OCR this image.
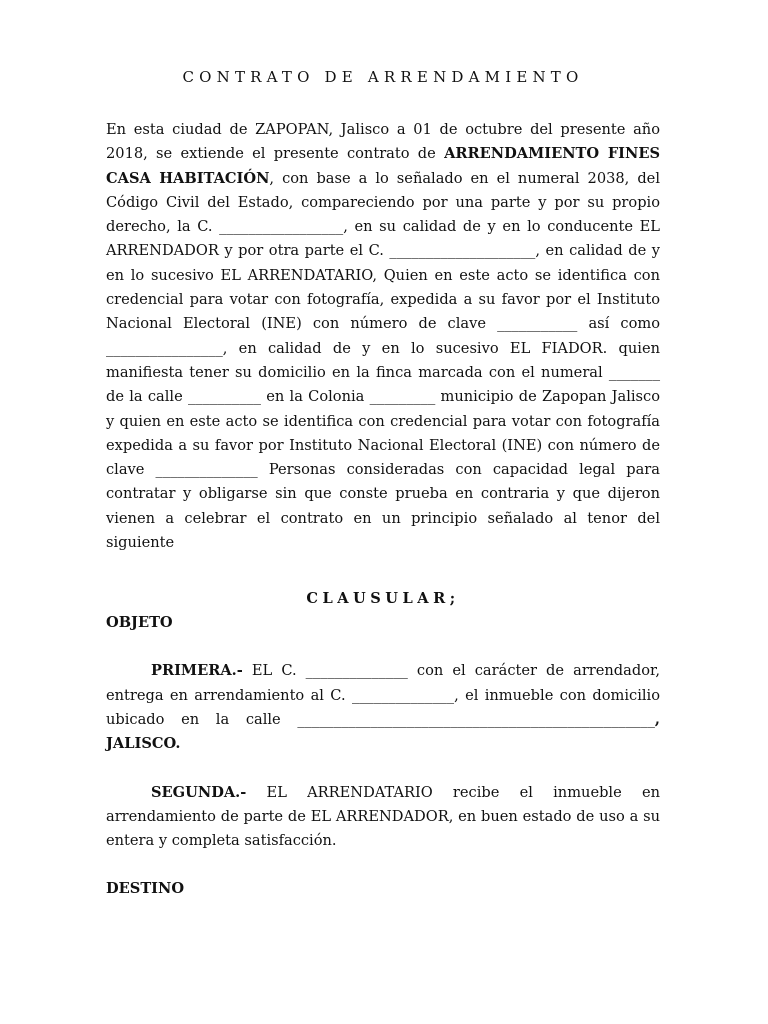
CONTRATO DE ARRENDAMIENTO

En esta ciudad de ZAPOPAN, Jalisco a 01 de octubre del presente año 2018, se extiende el presente contrato de ARRENDAMIENTO FINES CASA HABITACIÓN, con base a lo señalado en el numeral 2038, del Código Civil del Estado, compareciendo por una parte y por su propio derecho, la C. _________________, en su calidad de y en lo conducente EL ARRENDADOR y por otra parte el C. ____________________, en calidad de y en lo sucesivo EL ARRENDATARIO, Quien en este acto se identifica con credencial para votar con fotografía, expedida a su favor por el Instituto Nacional Electoral (INE) con número de clave ___________ así como ________________, en calidad de y en lo sucesivo EL FIADOR. quien manifiesta tener su domicilio en la finca marcada con el numeral _______ de la calle __________ en la Colonia _________ municipio de Zapopan Jalisco y quien en este acto se identifica con credencial para votar con fotografía expedida a su favor por Instituto Nacional Electoral (INE) con número de clave ______________ Personas consideradas con capacidad legal para contratar y obligarse sin que conste prueba en contraria y que dijeron vienen a celebrar el contrato en un principio señalado al tenor del siguiente

CLAUSULAR;
OBJETO

PRIMERA.- EL C. ______________ con el carácter de arrendador, entrega en arrendamiento al C. ______________, el inmueble con domicilio ubicado en la calle _________________________________________________, JALISCO.

SEGUNDA.- EL ARRENDATARIO recibe el inmueble en arrendamiento de parte de EL ARRENDADOR, en buen estado de uso a su entera y completa satisfacción.

DESTINO
